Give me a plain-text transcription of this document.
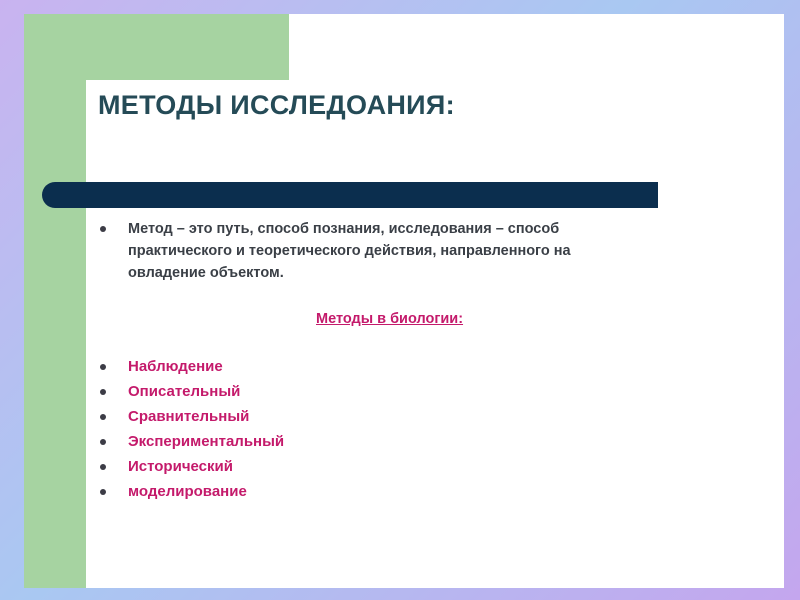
МЕТОДЫ ИССЛЕДОАНИЯ:
Метод – это путь, способ познания, исследования – способ
практического и теоретического действия, направленного на
овладение объектом.
Методы в биологии:
Наблюдение
Описательный
Сравнительный
Экспериментальный
Исторический
моделирование
